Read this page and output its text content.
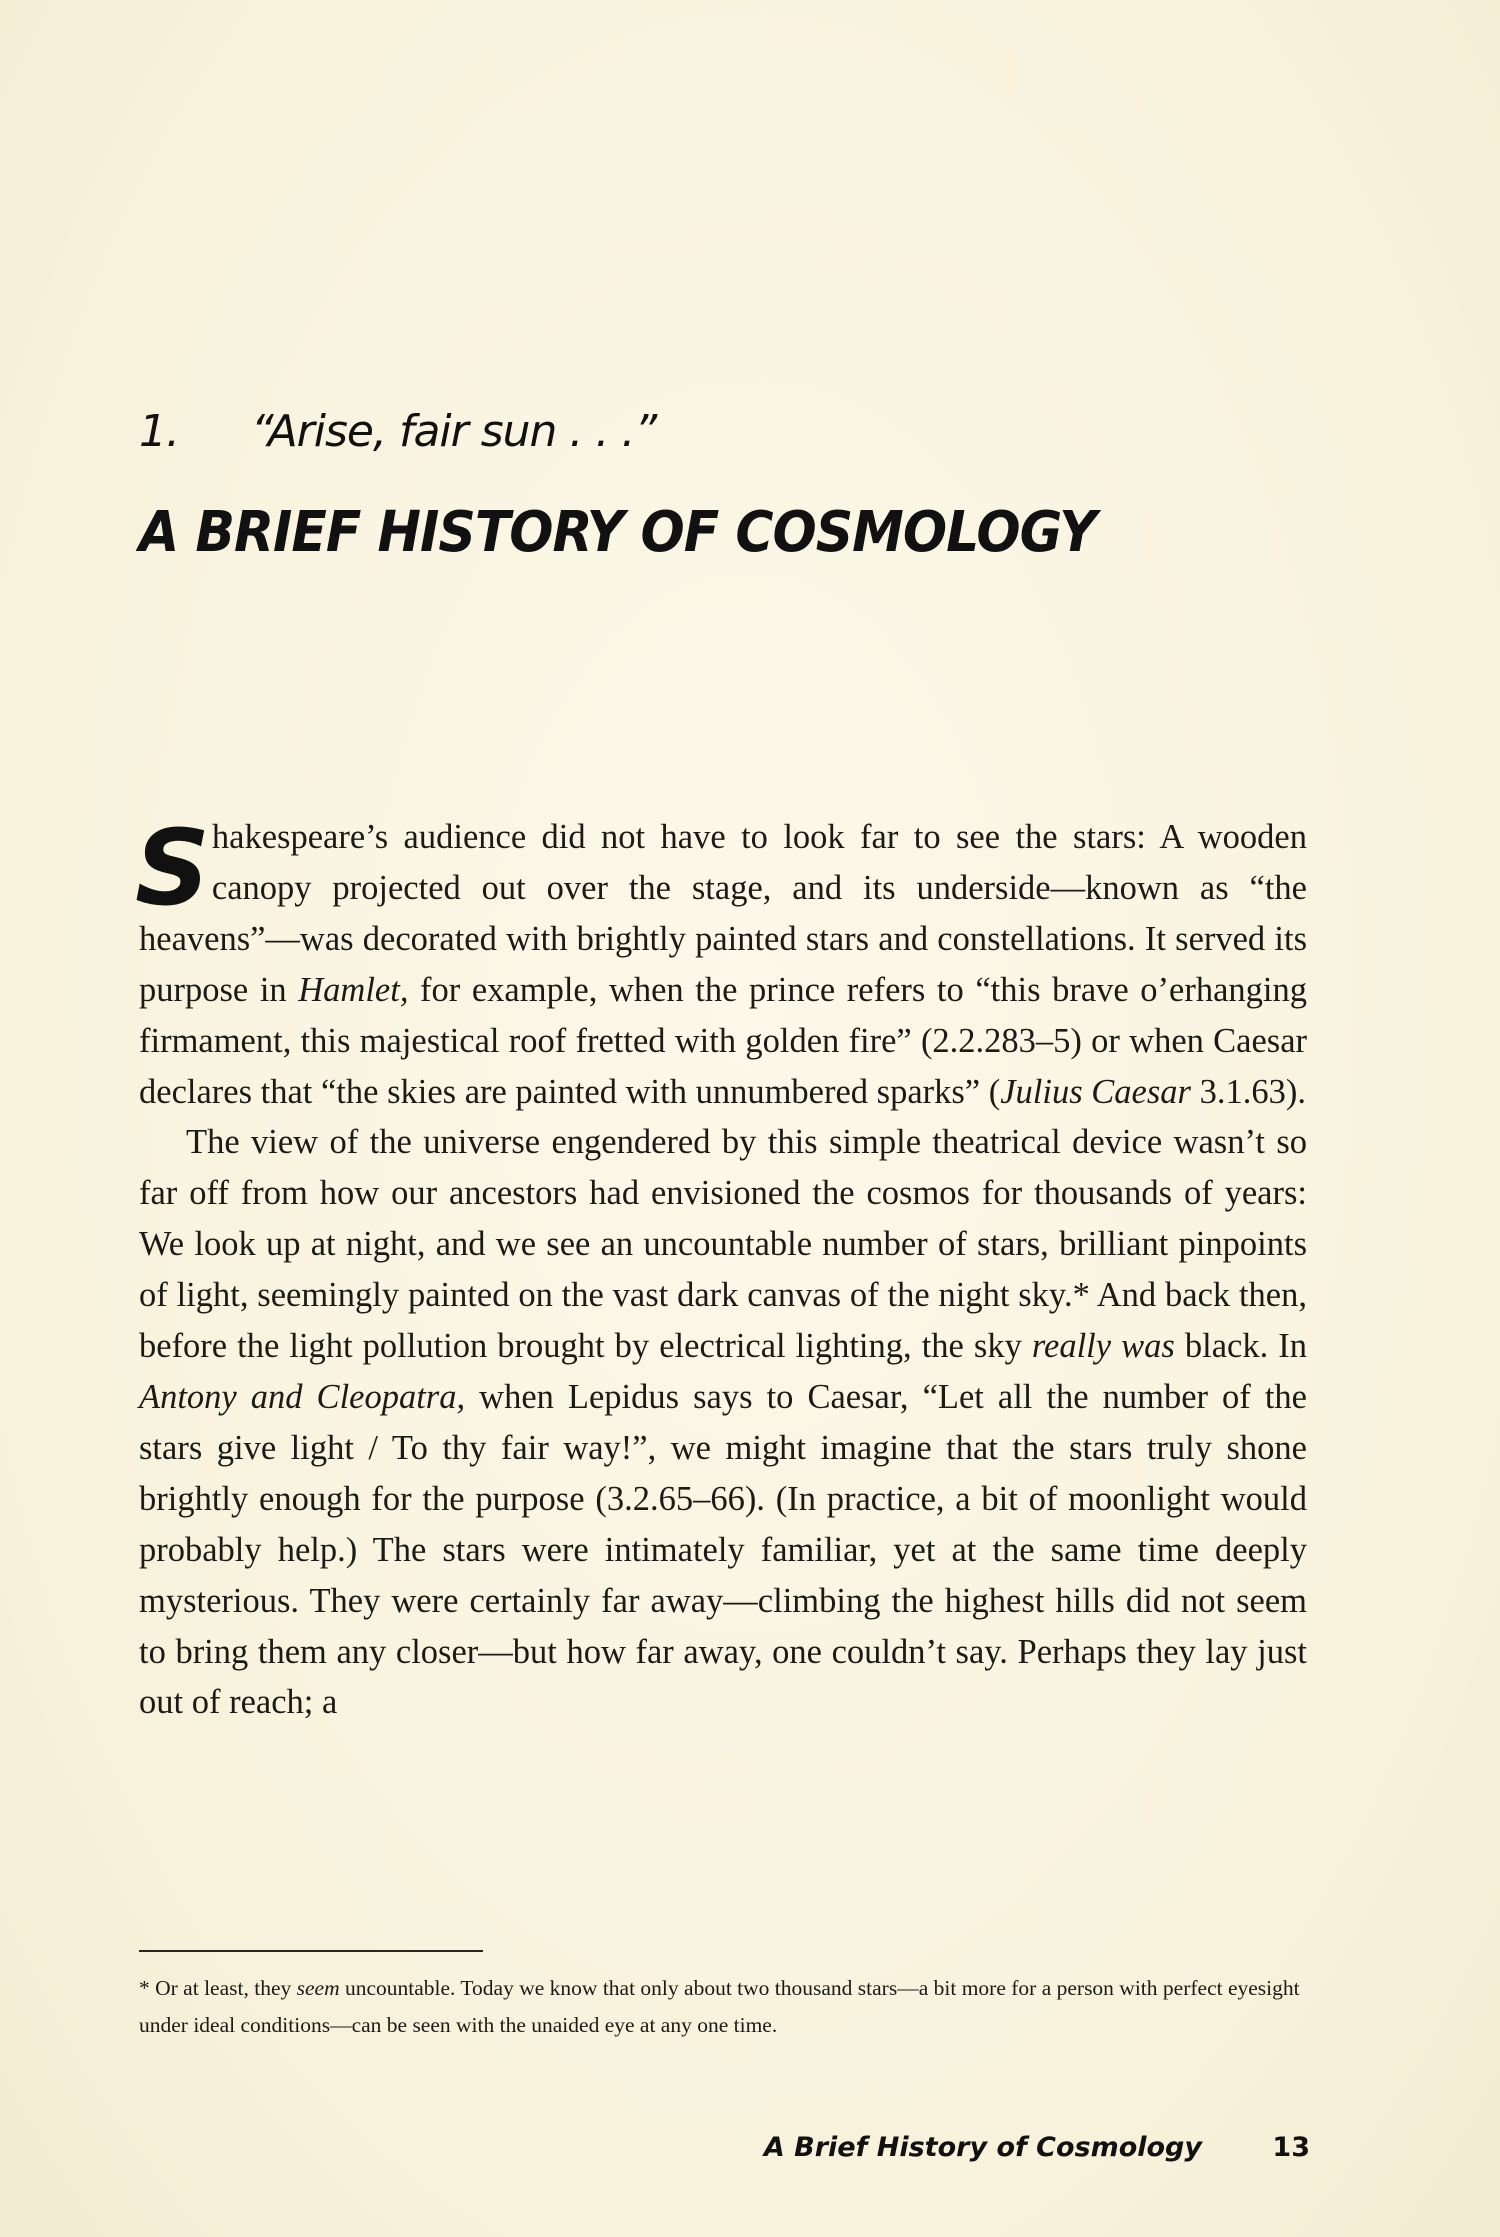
1. “Arise, fair sun . . .”
A BRIEF HISTORY OF COSMOLOGY

Shakespeare’s audience did not have to look far to see the stars: A wooden canopy projected out over the stage, and its underside—known as “the heavens”—was decorated with brightly painted stars and constellations. It served its purpose in Hamlet, for example, when the prince refers to “this brave o’erhanging firmament, this majestical roof fretted with golden fire” (2.2.283–5) or when Caesar declares that “the skies are painted with unnumbered sparks” (Julius Caesar 3.1.63).

The view of the universe engendered by this simple theatrical device wasn’t so far off from how our ancestors had envisioned the cosmos for thousands of years: We look up at night, and we see an uncountable number of stars, brilliant pinpoints of light, seemingly painted on the vast dark canvas of the night sky.* And back then, before the light pollution brought by electrical lighting, the sky really was black. In Antony and Cleopatra, when Lepidus says to Caesar, “Let all the number of the stars give light / To thy fair way!”, we might imagine that the stars truly shone brightly enough for the purpose (3.2.65–66). (In practice, a bit of moonlight would probably help.) The stars were intimately familiar, yet at the same time deeply mysterious. They were certainly far away—climbing the highest hills did not seem to bring them any closer—but how far away, one couldn’t say. Perhaps they lay just out of reach; a

* Or at least, they seem uncountable. Today we know that only about two thousand stars—a bit more for a person with perfect eyesight under ideal conditions—can be seen with the unaided eye at any one time.

A Brief History of Cosmology	13
